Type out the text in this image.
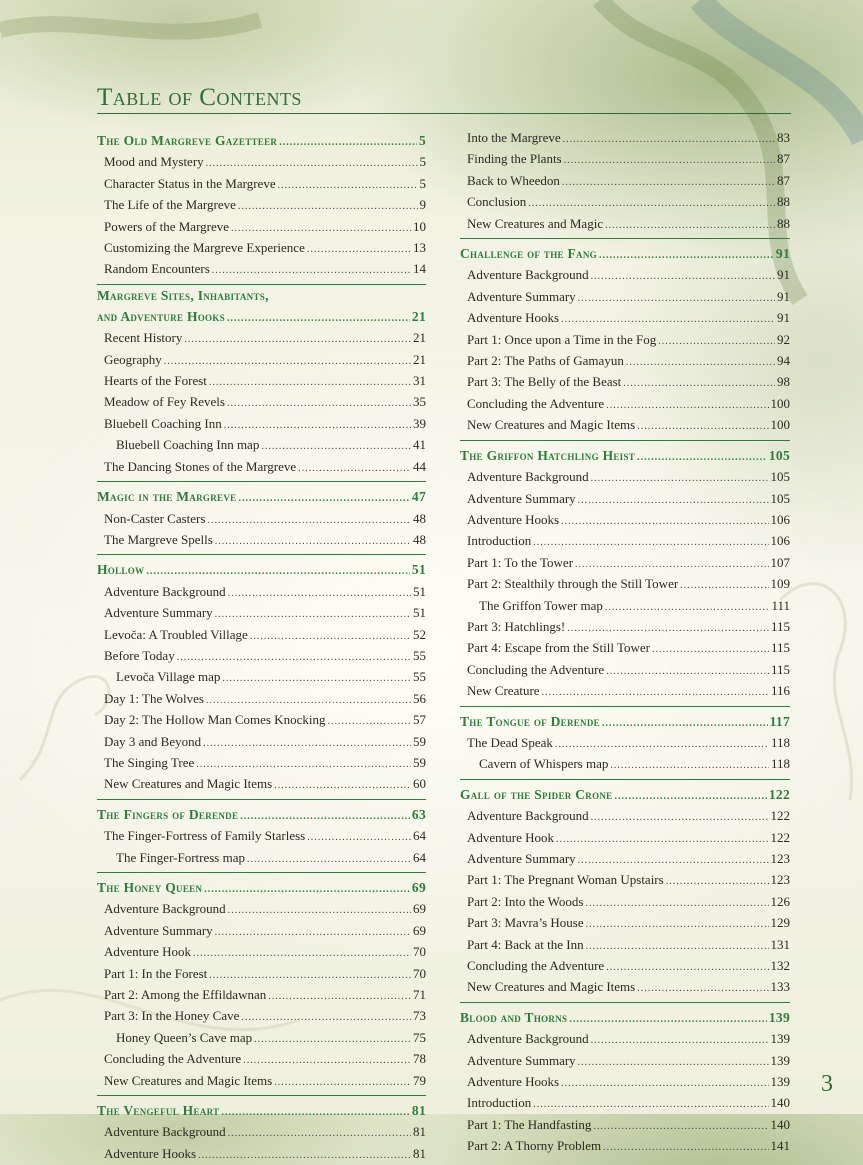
Table of Contents
The Old Margreve Gazetteer .....	5
Mood and Mystery .....	5
Character Status in the Margreve .....	5
The Life of the Margreve .....	9
Powers of the Margreve .....	10
Customizing the Margreve Experience .....	13
Random Encounters .....	14
Margreve Sites, Inhabitants,
and Adventure Hooks .....	21
Recent History .....	21
Geography .....	21
Hearts of the Forest .....	31
Meadow of Fey Revels .....	35
Bluebell Coaching Inn .....	39
Bluebell Coaching Inn map .....	41
The Dancing Stones of the Margreve .....	44
Magic in the Margreve .....	47
Non-Caster Casters .....	48
The Margreve Spells .....	48
Hollow .....	51
Adventure Background .....	51
Adventure Summary .....	51
Levoča: A Troubled Village .....	52
Before Today .....	55
Levoča Village map .....	55
Day 1: The Wolves .....	56
Day 2: The Hollow Man Comes Knocking .....	57
Day 3 and Beyond .....	59
The Singing Tree .....	59
New Creatures and Magic Items .....	60
The Fingers of Derende .....	63
The Finger-Fortress of Family Starless .....	64
The Finger-Fortress map .....	64
The Honey Queen .....	69
Adventure Background .....	69
Adventure Summary .....	69
Adventure Hook .....	70
Part 1: In the Forest .....	70
Part 2: Among the Effildawnan .....	71
Part 3: In the Honey Cave .....	73
Honey Queen’s Cave map .....	75
Concluding the Adventure .....	78
New Creatures and Magic Items .....	79
The Vengeful Heart .....	81
Adventure Background .....	81
Adventure Hooks .....	81
Into the Margreve .....	83
Finding the Plants .....	87
Back to Wheedon .....	87
Conclusion .....	88
New Creatures and Magic .....	88
Challenge of the Fang .....	91
Adventure Background .....	91
Adventure Summary .....	91
Adventure Hooks .....	91
Part 1: Once upon a Time in the Fog .....	92
Part 2: The Paths of Gamayun .....	94
Part 3: The Belly of the Beast .....	98
Concluding the Adventure .....	100
New Creatures and Magic Items .....	100
The Griffon Hatchling Heist .....	105
Adventure Background .....	105
Adventure Summary .....	105
Adventure Hooks .....	106
Introduction .....	106
Part 1: To the Tower .....	107
Part 2: Stealthily through the Still Tower .....	109
The Griffon Tower map .....	111
Part 3: Hatchlings! .....	115
Part 4: Escape from the Still Tower .....	115
Concluding the Adventure .....	115
New Creature .....	116
The Tongue of Derende .....	117
The Dead Speak .....	118
Cavern of Whispers map .....	118
Gall of the Spider Crone .....	122
Adventure Background .....	122
Adventure Hook .....	122
Adventure Summary .....	123
Part 1: The Pregnant Woman Upstairs .....	123
Part 2: Into the Woods .....	126
Part 3: Mavra’s House .....	129
Part 4: Back at the Inn .....	131
Concluding the Adventure .....	132
New Creatures and Magic Items .....	133
Blood and Thorns .....	139
Adventure Background .....	139
Adventure Summary .....	139
Adventure Hooks .....	139
Introduction .....	140
Part 1: The Handfasting .....	140
Part 2: A Thorny Problem .....	141
3
